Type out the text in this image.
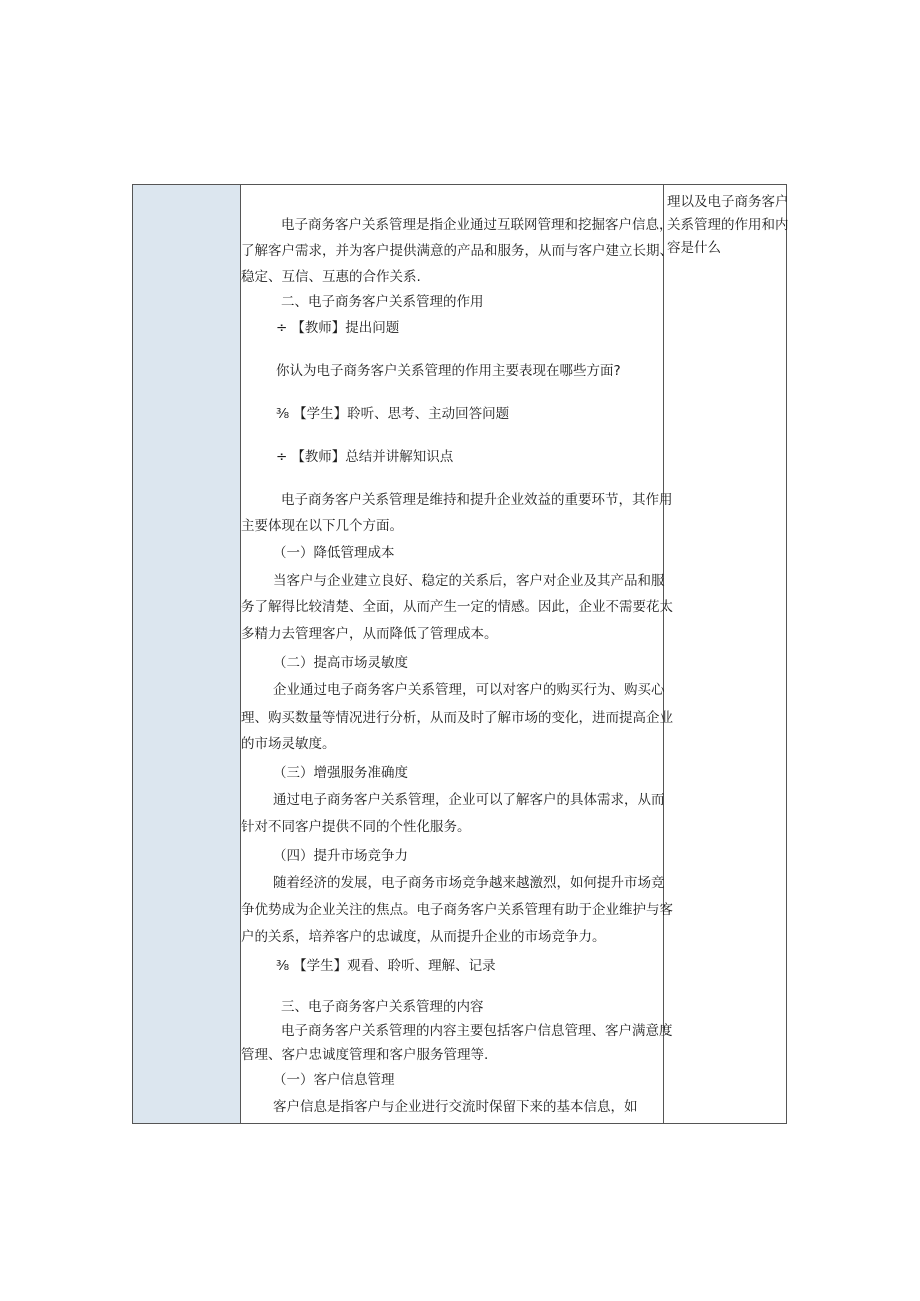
电子商务客户关系管理是指企业通过互联网管理和挖掘客户信息，

了解客户需求，并为客户提供满意的产品和服务，从而与客户建立长期、

稳定、互信、互惠的合作关系.

二、电子商务客户关系管理的作用

÷ 【教师】提出问题

你认为电子商务客户关系管理的作用主要表现在哪些方面?

⅜ 【学生】聆听、思考、主动回答问题

÷ 【教师】总结并讲解知识点

电子商务客户关系管理是维持和提升企业效益的重要环节，其作用

主要体现在以下几个方面。

（一）降低管理成本

当客户与企业建立良好、稳定的关系后，客户对企业及其产品和服

务了解得比较清楚、全面，从而产生一定的情感。因此，企业不需要花太

多精力去管理客户，从而降低了管理成本。

（二）提高市场灵敏度

企业通过电子商务客户关系管理，可以对客户的购买行为、购买心

理、购买数量等情况进行分析，从而及时了解市场的变化，进而提高企业

的市场灵敏度。

（三）增强服务准确度

通过电子商务客户关系管理，企业可以了解客户的具体需求，从而

针对不同客户提供不同的个性化服务。

（四）提升市场竞争力

随着经济的发展，电子商务市场竞争越来越激烈，如何提升市场竞

争优势成为企业关注的焦点。电子商务客户关系管理有助于企业维护与客

户的关系，培养客户的忠诚度，从而提升企业的市场竞争力。

⅜ 【学生】观看、聆听、理解、记录

三、电子商务客户关系管理的内容

电子商务客户关系管理的内容主要包括客户信息管理、客户满意度

管理、客户忠诚度管理和客户服务管理等.

（一）客户信息管理

客户信息是指客户与企业进行交流时保留下来的基本信息，如

理以及电子商务客户

关系管理的作用和内

容是什么
